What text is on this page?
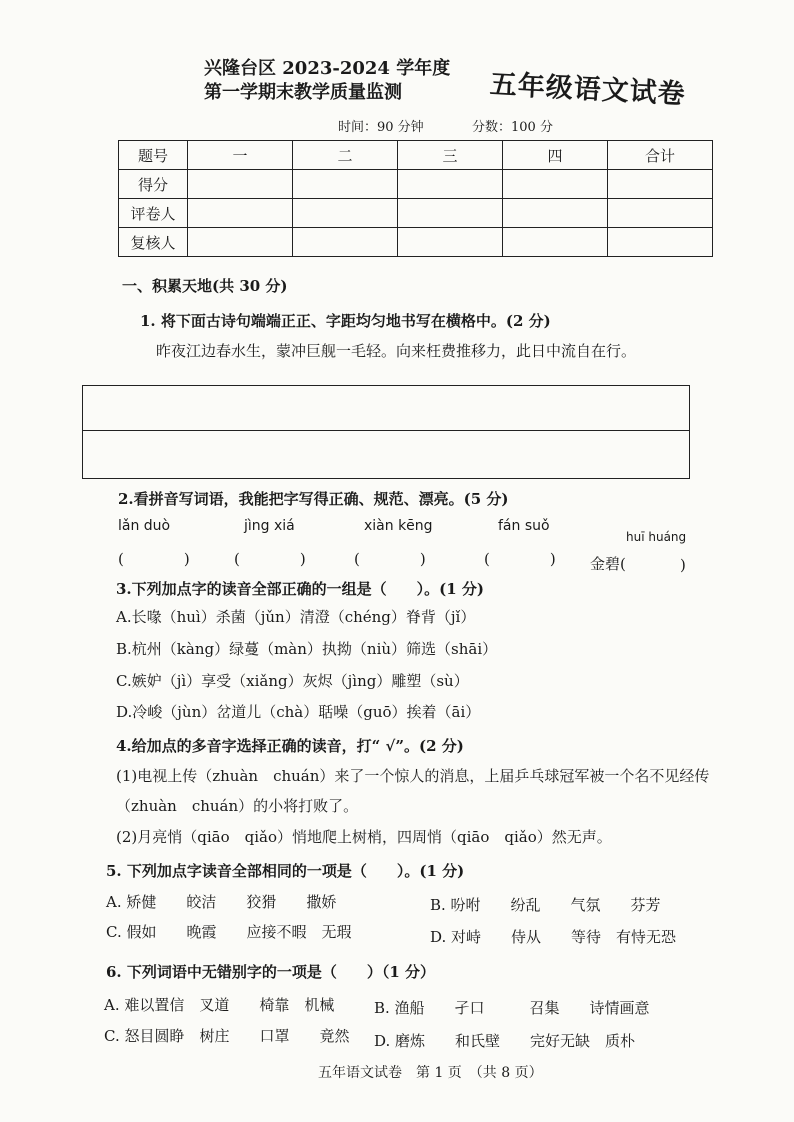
兴隆台区 2023-2024 学年度
第一学期末教学质量监测	五年级语文试卷
时间：90 分钟	分数：100 分
题号	一	二	三	四	合计
得分					
评卷人					
复核人					
一、积累天地(共 30 分)
1. 将下面古诗句端端正正、字距均匀地书写在横格中。(2 分)
昨夜江边春水生，蒙冲巨舰一毛轻。向来枉费推移力，此日中流自在行。
2.看拼音写词语，我能把字写得正确、规范、漂亮。(5 分)
lǎn duò	jìng xiá	xiàn kēng	fán suǒ
huī huáng
(　　　　)	(　　　　)	(　　　　)	(　　　　) 金碧(	)
3.下列加点字的读音全部正确的一组是（　　）。(1 分)
A.长喙（huì）杀菌（jǔn）清澄（chéng）脊背（jǐ）
B.杭州（kàng）绿蔓（màn）执拗（niù）筛选（shāi）
C.嫉妒（jì）享受（xiǎng）灰烬（jìng）雕塑（sù）
D.冷峻（jùn）岔道儿（chà）聒噪（guō）挨着（āi）
4.给加点的多音字选择正确的读音，打“ √”。(2 分)
(1)电视上传（zhuàn　chuán）来了一个惊人的消息，上届乒乓球冠军被一个名不见经传
（zhuàn　chuán）的小将打败了。
(2)月亮悄（qiāo　qiǎo）悄地爬上树梢，四周悄（qiāo　qiǎo）然无声。
5. 下列加点字读音全部相同的一项是（　　）。(1 分)
A. 矫健　　皎洁　　狡猾　　撒娇	B. 吩咐　　纷乱　　气氛　　芬芳
C. 假如　　晚霞　　应接不暇　无瑕	D. 对峙　　侍从　　等待　有恃无恐
6. 下列词语中无错别字的一项是（　　）（1 分）
A. 难以置信　叉道　　椅靠　机械	B. 渔船　　孑口　　　召集　　诗情画意
C. 怒目圆睁　树庄　　口罩　　竟然 D. 磨炼　　和氏壁　　完好无缺　质朴
五年语文试卷　第 1 页　（共 8 页）
